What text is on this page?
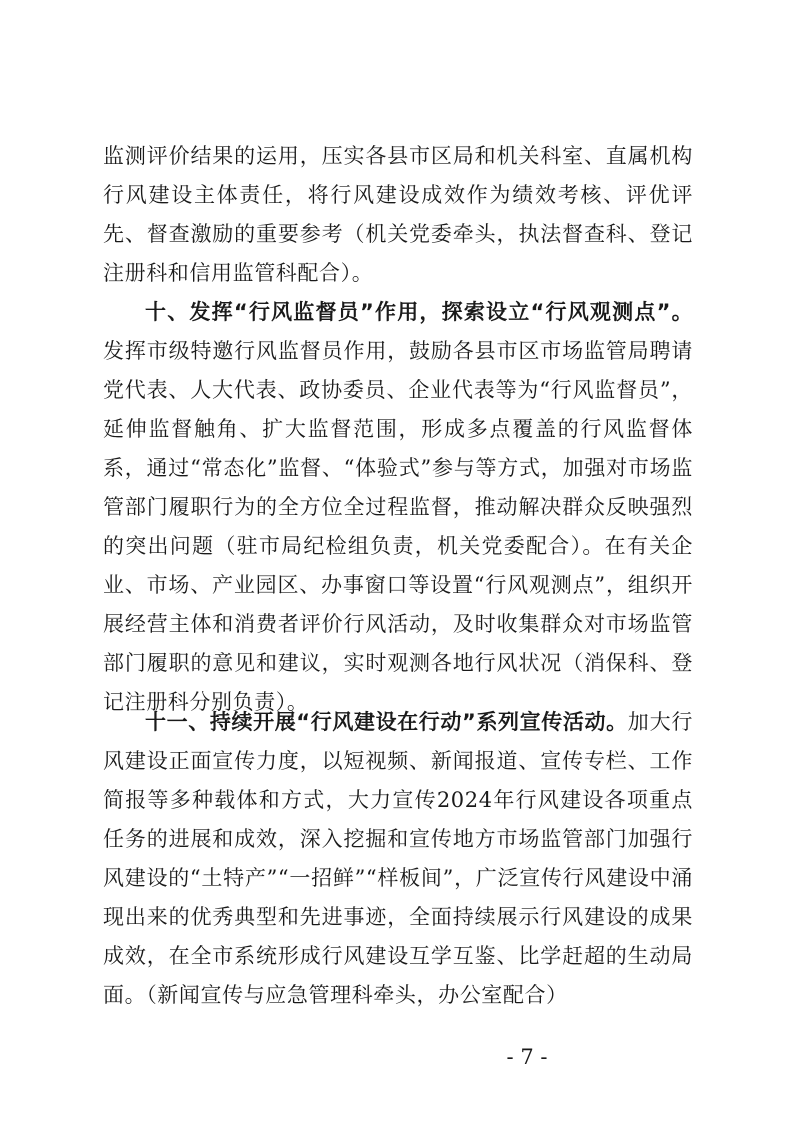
监测评价结果的运用，压实各县市区局和机关科室、直属机构行风建设主体责任，将行风建设成效作为绩效考核、评优评先、督查激励的重要参考（机关党委牵头，执法督查科、登记注册科和信用监管科配合）。

十、发挥“行风监督员”作用，探索设立“行风观测点”。发挥市级特邀行风监督员作用，鼓励各县市区市场监管局聘请党代表、人大代表、政协委员、企业代表等为“行风监督员”，延伸监督触角、扩大监督范围，形成多点覆盖的行风监督体系，通过“常态化”监督、“体验式”参与等方式，加强对市场监管部门履职行为的全方位全过程监督，推动解决群众反映强烈的突出问题（驻市局纪检组负责，机关党委配合）。在有关企业、市场、产业园区、办事窗口等设置“行风观测点”，组织开展经营主体和消费者评价行风活动，及时收集群众对市场监管部门履职的意见和建议，实时观测各地行风状况（消保科、登记注册科分别负责）。

十一、持续开展“行风建设在行动”系列宣传活动。加大行风建设正面宣传力度，以短视频、新闻报道、宣传专栏、工作简报等多种载体和方式，大力宣传2024年行风建设各项重点任务的进展和成效，深入挖掘和宣传地方市场监管部门加强行风建设的“土特产”“一招鲜”“样板间”，广泛宣传行风建设中涌现出来的优秀典型和先进事迹，全面持续展示行风建设的成果成效，在全市系统形成行风建设互学互鉴、比学赶超的生动局面。（新闻宣传与应急管理科牵头，办公室配合）

- 7 -
